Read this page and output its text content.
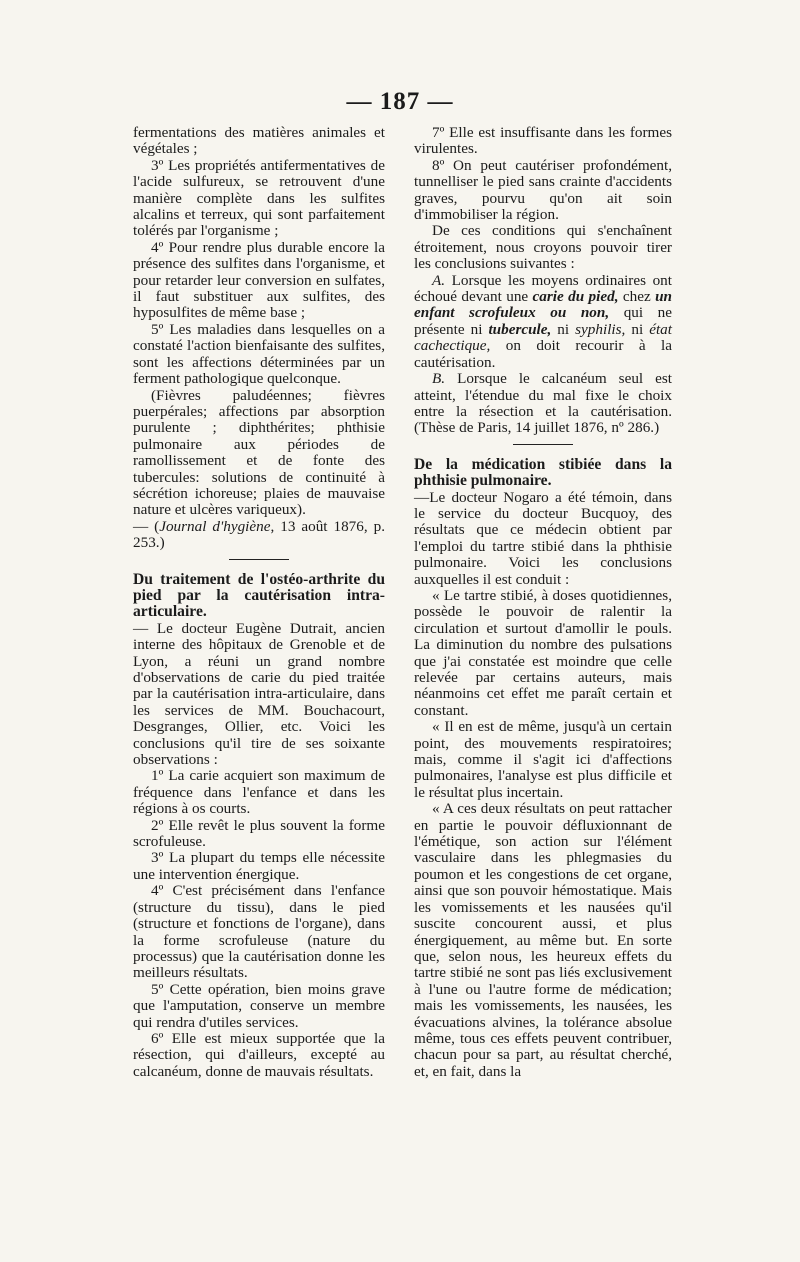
— 187 —

fermentations des matières animales et végétales ;

3º Les propriétés antifermentatives de l'acide sulfureux, se retrouvent d'une manière complète dans les sulfites alcalins et terreux, qui sont parfaitement tolérés par l'organisme ;

4º Pour rendre plus durable encore la présence des sulfites dans l'organisme, et pour retarder leur conversion en sulfates, il faut substituer aux sulfites, des hyposulfites de même base ;

5º Les maladies dans lesquelles on a constaté l'action bienfaisante des sulfites, sont les affections déterminées par un ferment pathologique quelconque.

(Fièvres paludéennes; fièvres puerpérales; affections par absorption purulente ; diphthérites; phthisie pulmonaire aux périodes de ramollissement et de fonte des tubercules: solutions de continuité à sécrétion ichoreuse; plaies de mauvaise nature et ulcères variqueux).

— (Journal d'hygiène, 13 août 1876, p. 253.)

Du traitement de l'ostéo-arthrite du pied par la cautérisation intra-articulaire.

— Le docteur Eugène Dutrait, ancien interne des hôpitaux de Grenoble et de Lyon, a réuni un grand nombre d'observations de carie du pied traitée par la cautérisation intra-articulaire, dans les services de MM. Bouchacourt, Desgranges, Ollier, etc. Voici les conclusions qu'il tire de ses soixante observations :

1º La carie acquiert son maximum de fréquence dans l'enfance et dans les régions à os courts.

2º Elle revêt le plus souvent la forme scrofuleuse.

3º La plupart du temps elle nécessite une intervention énergique.

4º C'est précisément dans l'enfance (structure du tissu), dans le pied (structure et fonctions de l'organe), dans la forme scrofuleuse (nature du processus) que la cautérisation donne les meilleurs résultats.

5º Cette opération, bien moins grave que l'amputation, conserve un membre qui rendra d'utiles services.

6º Elle est mieux supportée que la résection, qui d'ailleurs, excepté au calcanéum, donne de mauvais résultats.

7º Elle est insuffisante dans les formes virulentes.

8º On peut cautériser profondément, tunnelliser le pied sans crainte d'accidents graves, pourvu qu'on ait soin d'immobiliser la région.

De ces conditions qui s'enchaînent étroitement, nous croyons pouvoir tirer les conclusions suivantes :

A. Lorsque les moyens ordinaires ont échoué devant une carie du pied, chez un enfant scrofuleux ou non, qui ne présente ni tubercule, ni syphilis, ni état cachectique, on doit recourir à la cautérisation.

B. Lorsque le calcanéum seul est atteint, l'étendue du mal fixe le choix entre la résection et la cautérisation. (Thèse de Paris, 14 juillet 1876, nº 286.)

De la médication stibiée dans la phthisie pulmonaire.

—Le docteur Nogaro a été témoin, dans le service du docteur Bucquoy, des résultats que ce médecin obtient par l'emploi du tartre stibié dans la phthisie pulmonaire. Voici les conclusions auxquelles il est conduit :

« Le tartre stibié, à doses quotidiennes, possède le pouvoir de ralentir la circulation et surtout d'amollir le pouls. La diminution du nombre des pulsations que j'ai constatée est moindre que celle relevée par certains auteurs, mais néanmoins cet effet me paraît certain et constant.

« Il en est de même, jusqu'à un certain point, des mouvements respiratoires; mais, comme il s'agit ici d'affections pulmonaires, l'analyse est plus difficile et le résultat plus incertain.

« A ces deux résultats on peut rattacher en partie le pouvoir défluxionnant de l'émétique, son action sur l'élément vasculaire dans les phlegmasies du poumon et les congestions de cet organe, ainsi que son pouvoir hémostatique. Mais les vomissements et les nausées qu'il suscite concourent aussi, et plus énergiquement, au même but. En sorte que, selon nous, les heureux effets du tartre stibié ne sont pas liés exclusivement à l'une ou l'autre forme de médication; mais les vomissements, les nausées, les évacuations alvines, la tolérance absolue même, tous ces effets peuvent contribuer, chacun pour sa part, au résultat cherché, et, en fait, dans la
